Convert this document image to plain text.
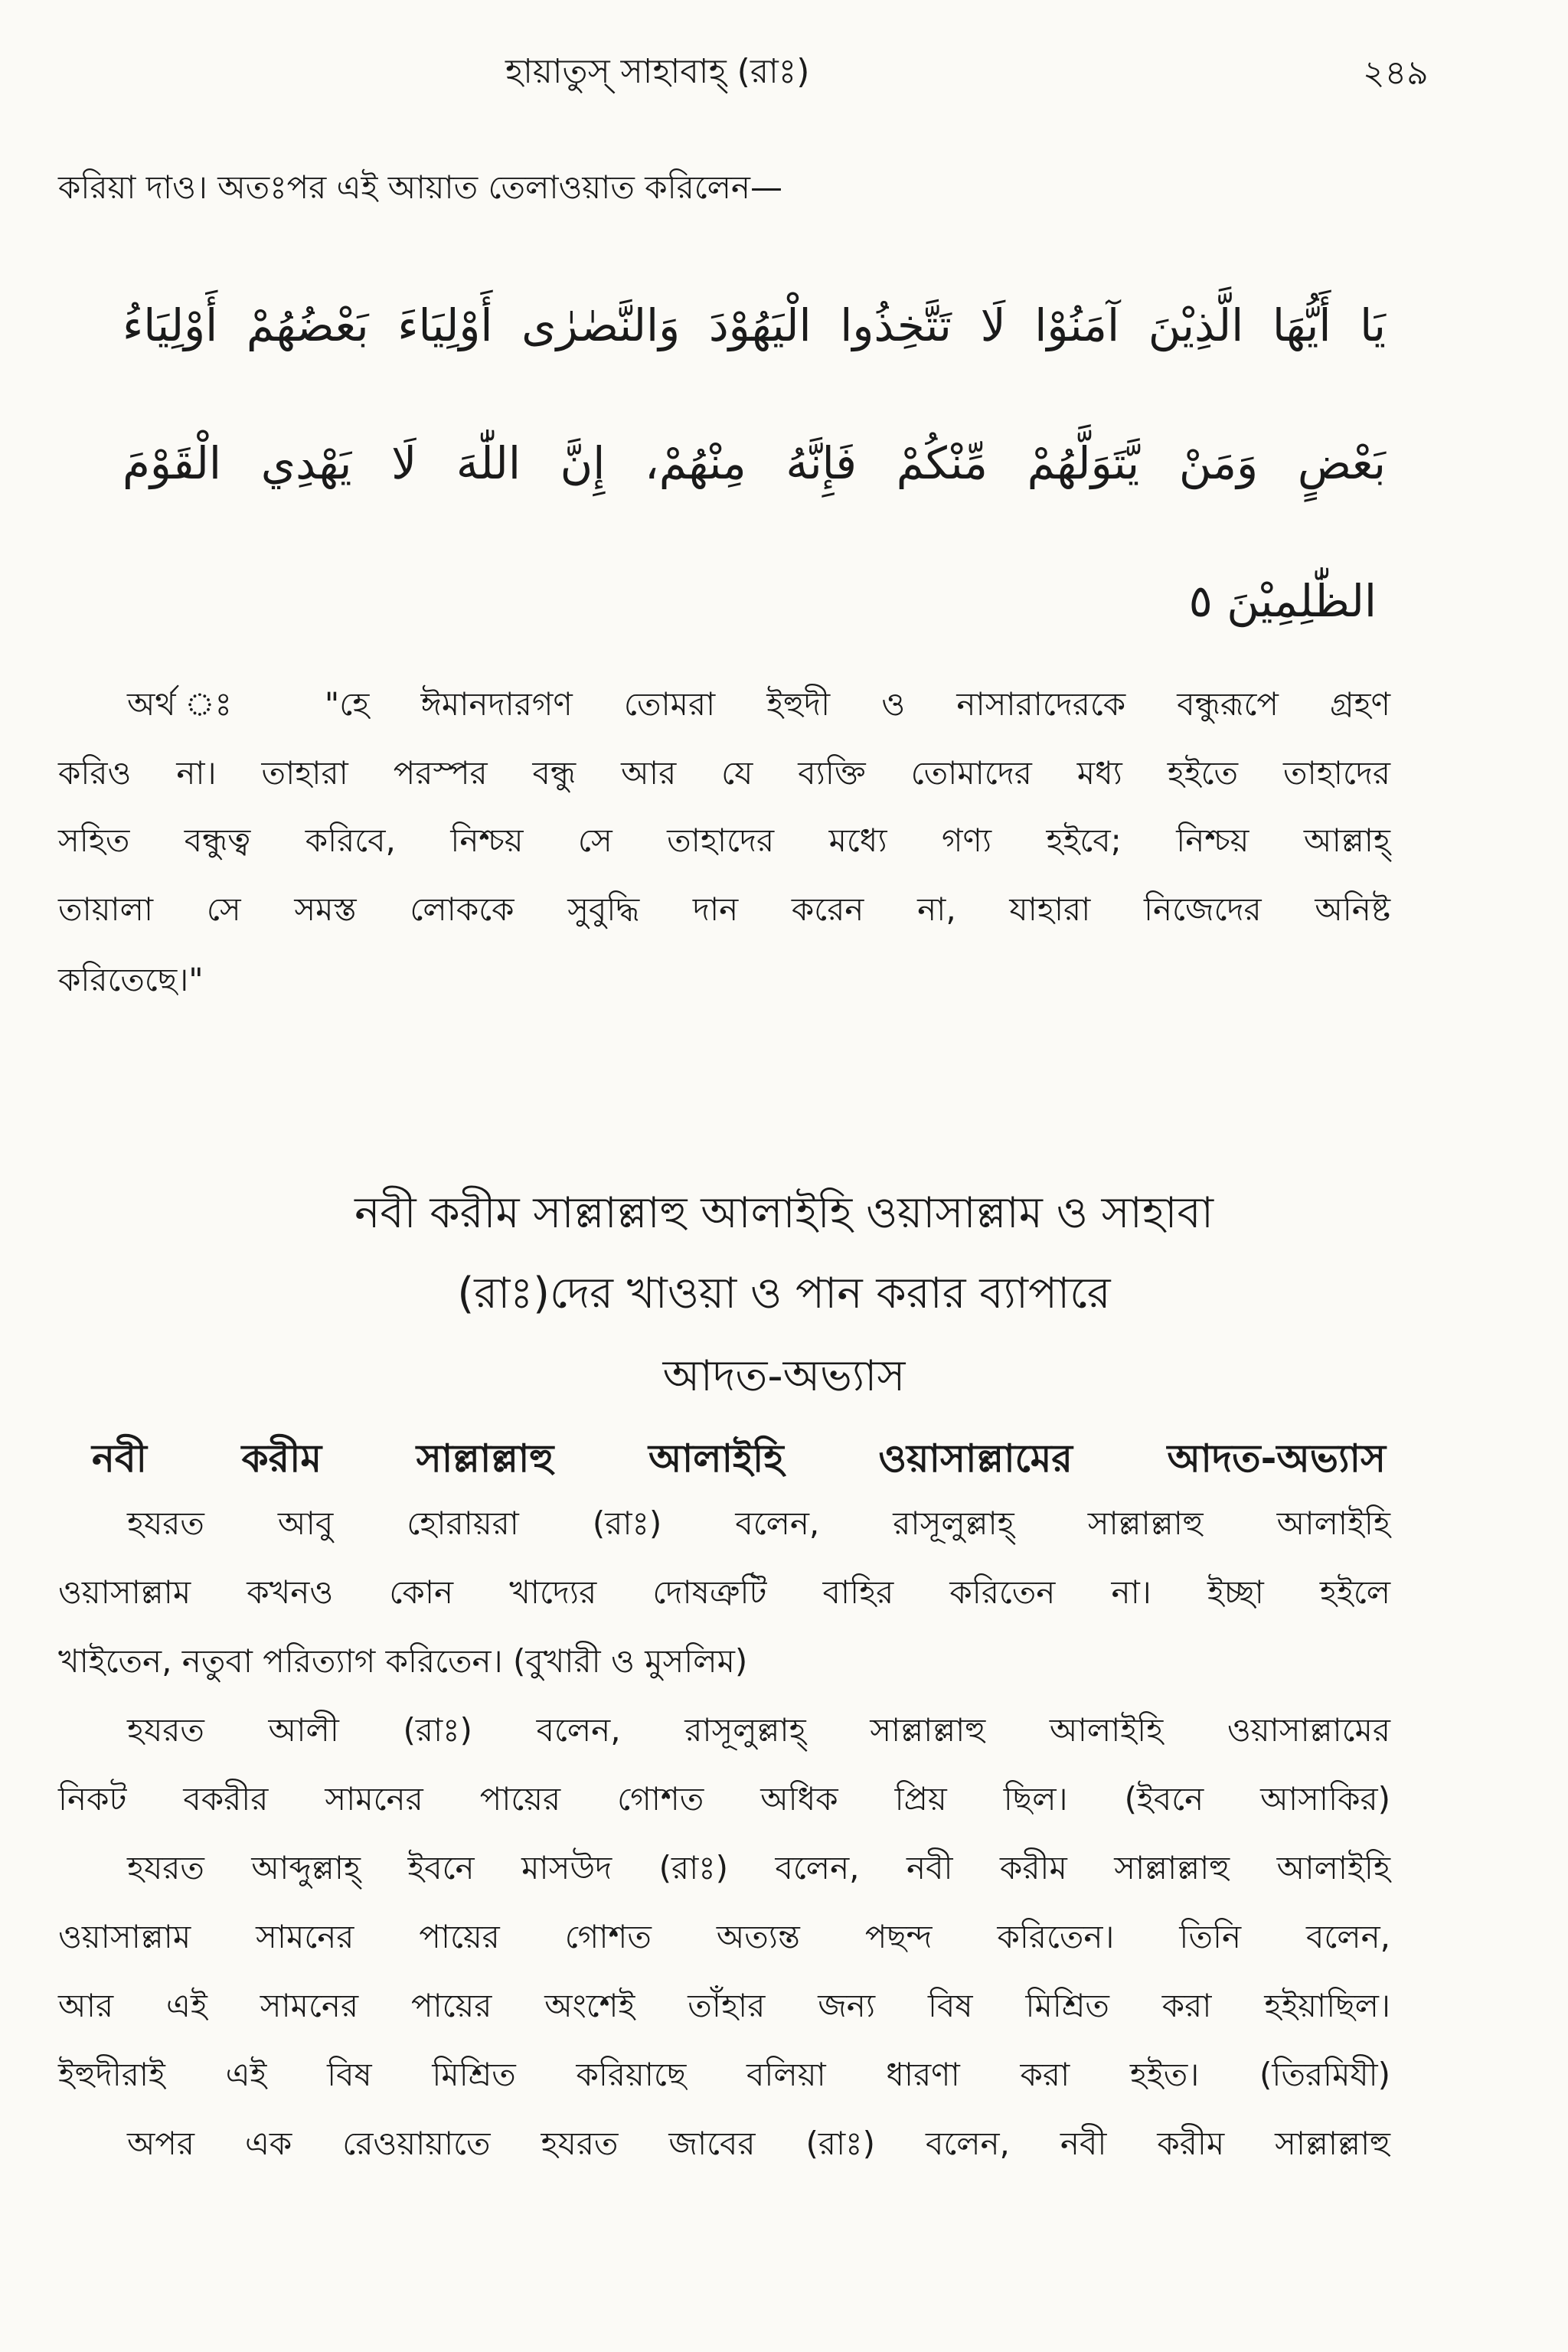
হায়াতুস্ সাহাবাহ্ (রাঃ)	২৪৯
করিয়া দাও। অতঃপর এই আয়াত তেলাওয়াত করিলেন—
يَا أَيُّهَا الَّذِيْنَ آمَنُوْا لَا تَتَّخِذُوا الْيَهُوْدَ وَالنَّصٰرٰى أَوْلِيَاءَ بَعْضُهُمْ أَوْلِيَاءُ
بَعْضٍ وَمَنْ يَّتَوَلَّهُمْ مِّنْكُمْ فَإِنَّهُ مِنْهُمْ، إِنَّ اللّٰهَ لَا يَهْدِي الْقَوْمَ
الظّٰلِمِيْنَ ٥
অর্থ ঃ "হে ঈমানদারগণ তোমরা ইহুদী ও নাসারাদেরকে বন্ধুরূপে গ্রহণ
করিও না। তাহারা পরস্পর বন্ধু আর যে ব্যক্তি তোমাদের মধ্য হইতে তাহাদের
সহিত বন্ধুত্ব করিবে, নিশ্চয় সে তাহাদের মধ্যে গণ্য হইবে; নিশ্চয় আল্লাহ্
তায়ালা সে সমস্ত লোককে সুবুদ্ধি দান করেন না, যাহারা নিজেদের অনিষ্ট
করিতেছে।"
নবী করীম সাল্লাল্লাহু আলাইহি ওয়াসাল্লাম ও সাহাবা
(রাঃ)দের খাওয়া ও পান করার ব্যাপারে
আদত-অভ্যাস
নবী করীম সাল্লাল্লাহু আলাইহি ওয়াসাল্লামের আদত-অভ্যাস
হযরত আবু হোরায়রা (রাঃ) বলেন, রাসূলুল্লাহ্ সাল্লাল্লাহু আলাইহি
ওয়াসাল্লাম কখনও কোন খাদ্যের দোষত্রুটি বাহির করিতেন না। ইচ্ছা হইলে
খাইতেন, নতুবা পরিত্যাগ করিতেন। (বুখারী ও মুসলিম)
হযরত আলী (রাঃ) বলেন, রাসূলুল্লাহ্ সাল্লাল্লাহু আলাইহি ওয়াসাল্লামের
নিকট বকরীর সামনের পায়ের গোশত অধিক প্রিয় ছিল। (ইবনে আসাকির)
হযরত আব্দুল্লাহ্ ইবনে মাসউদ (রাঃ) বলেন, নবী করীম সাল্লাল্লাহু আলাইহি
ওয়াসাল্লাম সামনের পায়ের গোশত অত্যন্ত পছন্দ করিতেন। তিনি বলেন,
আর এই সামনের পায়ের অংশেই তাঁহার জন্য বিষ মিশ্রিত করা হইয়াছিল।
ইহুদীরাই এই বিষ মিশ্রিত করিয়াছে বলিয়া ধারণা করা হইত। (তিরমিযী)
অপর এক রেওয়ায়াতে হযরত জাবের (রাঃ) বলেন, নবী করীম সাল্লাল্লাহু
